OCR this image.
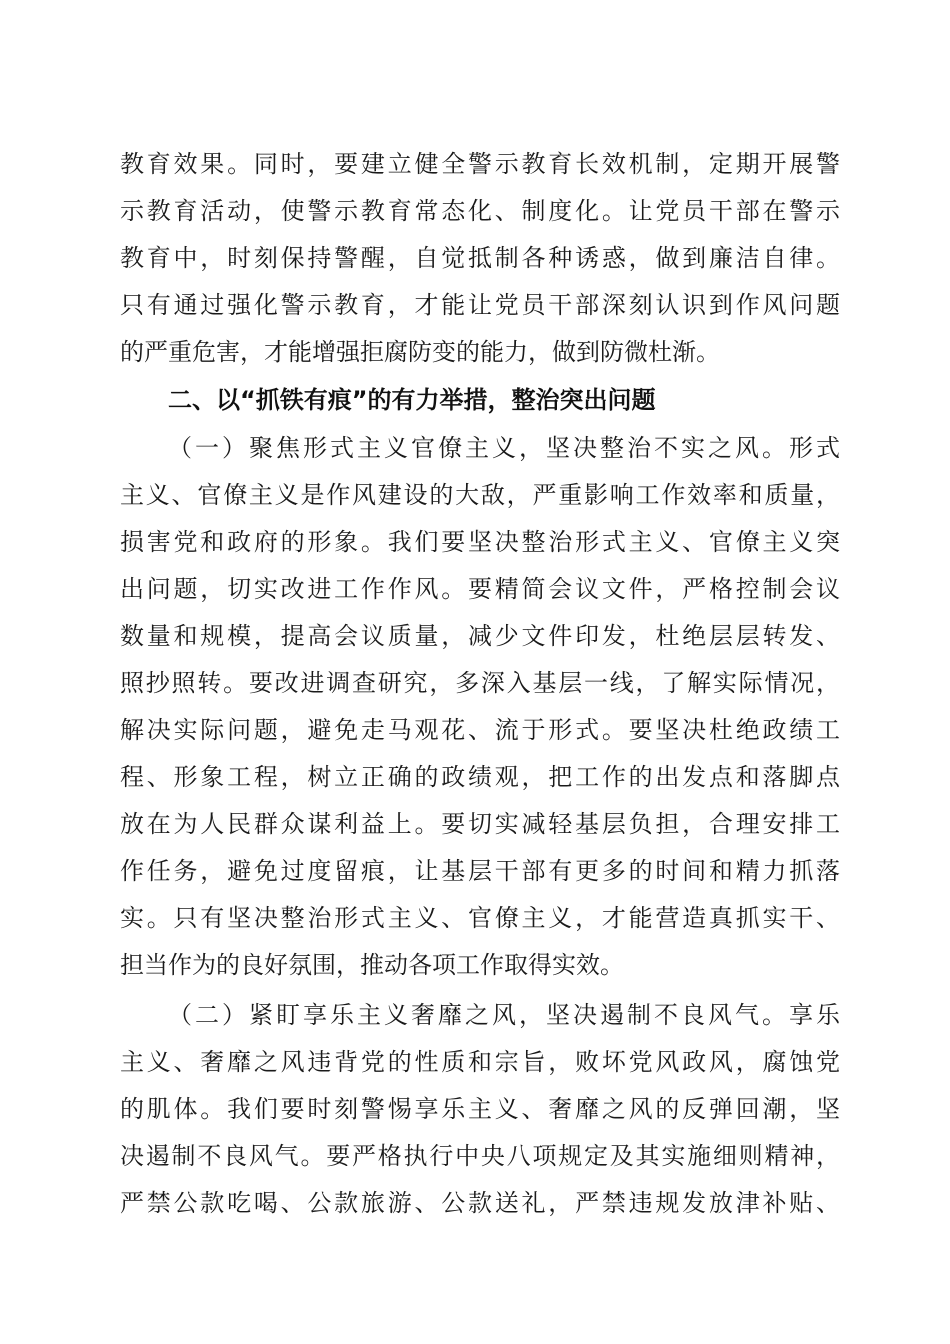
教育效果。同时，要建立健全警示教育长效机制，定期开展警
示教育活动，使警示教育常态化、制度化。让党员干部在警示
教育中，时刻保持警醒，自觉抵制各种诱惑，做到廉洁自律。
只有通过强化警示教育，才能让党员干部深刻认识到作风问题
的严重危害，才能增强拒腐防变的能力，做到防微杜渐。
二、以“抓铁有痕”的有力举措，整治突出问题
（一）聚焦形式主义官僚主义，坚决整治不实之风。形式
主义、官僚主义是作风建设的大敌，严重影响工作效率和质量，
损害党和政府的形象。我们要坚决整治形式主义、官僚主义突
出问题，切实改进工作作风。要精简会议文件，严格控制会议
数量和规模，提高会议质量，减少文件印发，杜绝层层转发、
照抄照转。要改进调查研究，多深入基层一线，了解实际情况，
解决实际问题，避免走马观花、流于形式。要坚决杜绝政绩工
程、形象工程，树立正确的政绩观，把工作的出发点和落脚点
放在为人民群众谋利益上。要切实减轻基层负担，合理安排工
作任务，避免过度留痕，让基层干部有更多的时间和精力抓落
实。只有坚决整治形式主义、官僚主义，才能营造真抓实干、
担当作为的良好氛围，推动各项工作取得实效。
（二）紧盯享乐主义奢靡之风，坚决遏制不良风气。享乐
主义、奢靡之风违背党的性质和宗旨，败坏党风政风，腐蚀党
的肌体。我们要时刻警惕享乐主义、奢靡之风的反弹回潮，坚
决遏制不良风气。要严格执行中央八项规定及其实施细则精神，
严禁公款吃喝、公款旅游、公款送礼，严禁违规发放津补贴、
